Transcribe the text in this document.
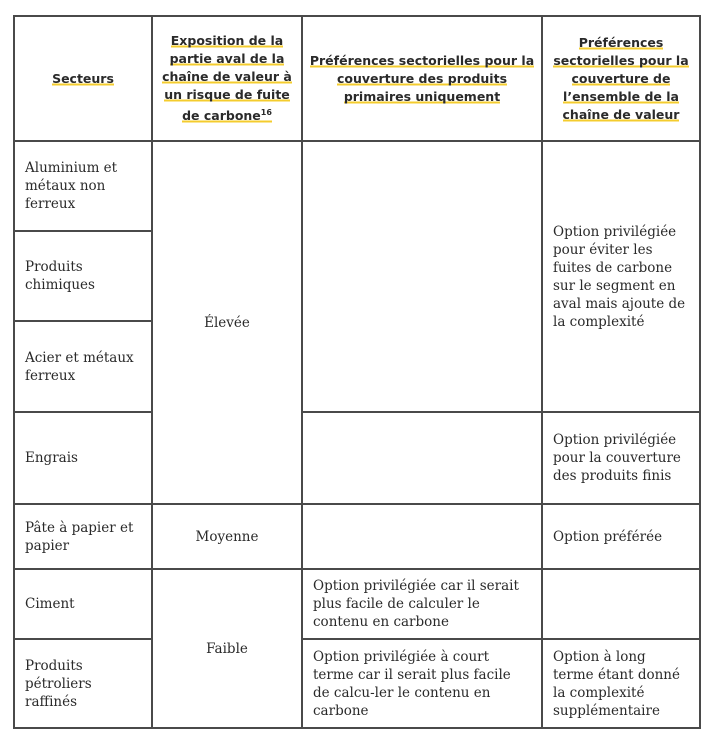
Secteurs	Exposition de la partie aval de la chaîne de valeur à un risque de fuite de carbone$^{16}$	Préférences sectorielles pour la couverture des produits primaires uniquement	Préférences sectorielles pour la couverture de l’ensemble de la chaîne de valeur
Aluminium et métaux non ferreux	Élevée		Option privilégiée pour éviter les fuites de carbone sur le segment en aval mais ajoute de la complexité
Produits chimiques			
Acier et métaux ferreux			
Engrais			Option privilégiée pour la couverture des produits finis
Pâte à papier et papier	Moyenne		Option préférée
Ciment	Faible	Option privilégiée car il serait plus facile de calculer le contenu en carbone	
Produits pétroliers raffinés		Option privilégiée à court terme car il serait plus facile de calcu-ler le contenu en carbone	Option à long terme étant donné la complexité supplémentaire
